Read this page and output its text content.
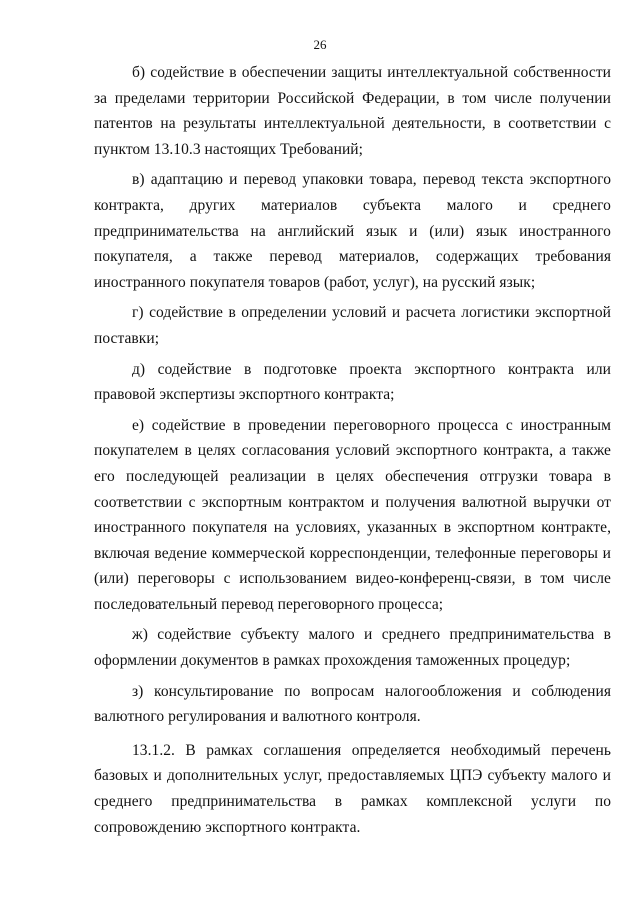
26

б) содействие в обеспечении защиты интеллектуальной собственности за пределами территории Российской Федерации, в том числе получении патентов на результаты интеллектуальной деятельности, в соответствии с пунктом 13.10.3 настоящих Требований;

в) адаптацию и перевод упаковки товара, перевод текста экспортного контракта, других материалов субъекта малого и среднего предпринимательства на английский язык и (или) язык иностранного покупателя, а также перевод материалов, содержащих требования иностранного покупателя товаров (работ, услуг), на русский язык;

г) содействие в определении условий и расчета логистики экспортной поставки;

д) содействие в подготовке проекта экспортного контракта или правовой экспертизы экспортного контракта;

е) содействие в проведении переговорного процесса с иностранным покупателем в целях согласования условий экспортного контракта, а также его последующей реализации в целях обеспечения отгрузки товара в соответствии с экспортным контрактом и получения валютной выручки от иностранного покупателя на условиях, указанных в экспортном контракте, включая ведение коммерческой корреспонденции, телефонные переговоры и (или) переговоры с использованием видео-конференц-связи, в том числе последовательный перевод переговорного процесса;

ж) содействие субъекту малого и среднего предпринимательства в оформлении документов в рамках прохождения таможенных процедур;

з) консультирование по вопросам налогообложения и соблюдения валютного регулирования и валютного контроля.

13.1.2. В рамках соглашения определяется необходимый перечень базовых и дополнительных услуг, предоставляемых ЦПЭ субъекту малого и среднего предпринимательства в рамках комплексной услуги по сопровождению экспортного контракта.
